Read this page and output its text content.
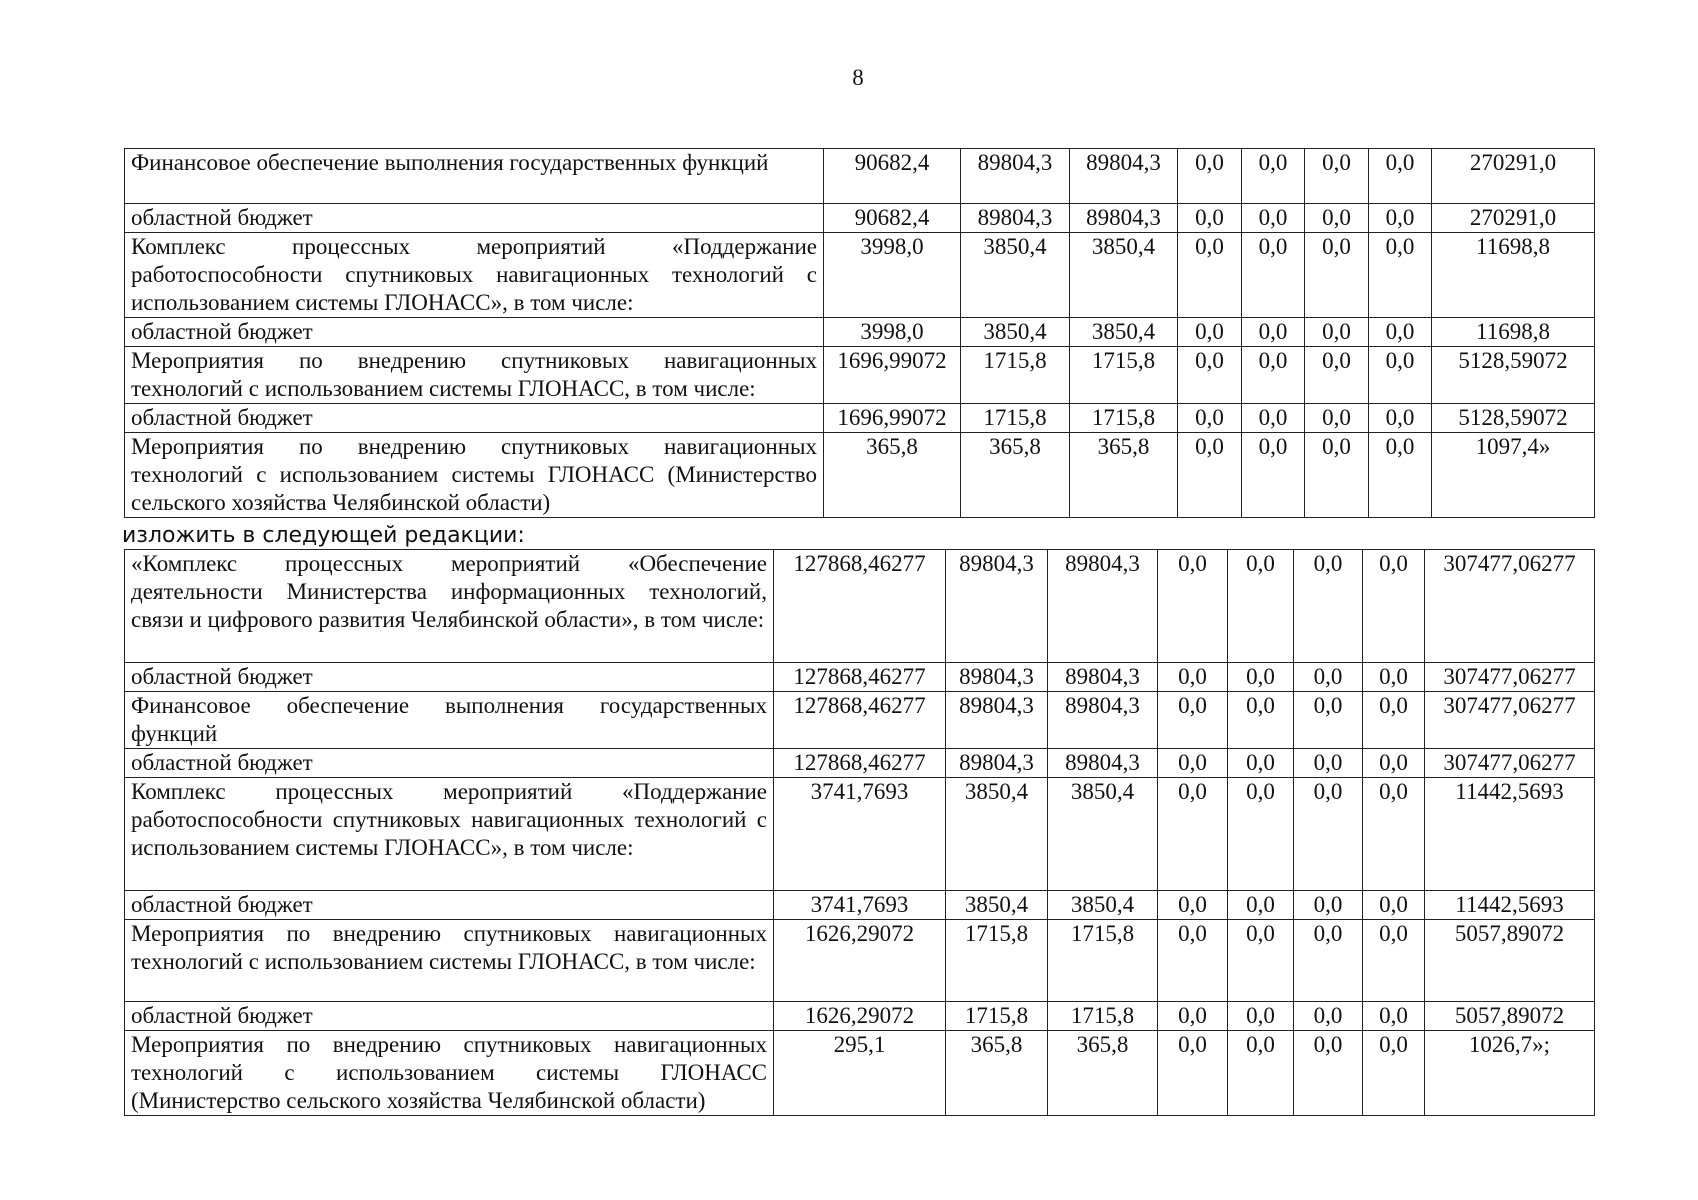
8
Финансовое обеспечение выполнения государственных функций	90682,4	89804,3	89804,3	0,0	0,0	0,0	0,0	270291,0
областной бюджет	90682,4	89804,3	89804,3	0,0	0,0	0,0	0,0	270291,0
Комплекс процессных мероприятий «Поддержание работоспособности спутниковых навигационных технологий с использованием системы ГЛОНАСС», в том числе:	3998,0	3850,4	3850,4	0,0	0,0	0,0	0,0	11698,8
областной бюджет	3998,0	3850,4	3850,4	0,0	0,0	0,0	0,0	11698,8
Мероприятия по внедрению спутниковых навигационных технологий с использованием системы ГЛОНАСС, в том числе:	1696,99072	1715,8	1715,8	0,0	0,0	0,0	0,0	5128,59072
областной бюджет	1696,99072	1715,8	1715,8	0,0	0,0	0,0	0,0	5128,59072
Мероприятия по внедрению спутниковых навигационных технологий с использованием системы ГЛОНАСС (Министерство сельского хозяйства Челябинской области)	365,8	365,8	365,8	0,0	0,0	0,0	0,0	1097,4»
изложить в следующей редакции:
«Комплекс процессных мероприятий «Обеспечение деятельности Министерства информационных технологий, связи и цифрового развития Челябинской области», в том числе:	127868,46277	89804,3	89804,3	0,0	0,0	0,0	0,0	307477,06277
областной бюджет	127868,46277	89804,3	89804,3	0,0	0,0	0,0	0,0	307477,06277
Финансовое обеспечение выполнения государственных функций	127868,46277	89804,3	89804,3	0,0	0,0	0,0	0,0	307477,06277
областной бюджет	127868,46277	89804,3	89804,3	0,0	0,0	0,0	0,0	307477,06277
Комплекс процессных мероприятий «Поддержание работоспособности спутниковых навигационных технологий с использованием системы ГЛОНАСС», в том числе:	3741,7693	3850,4	3850,4	0,0	0,0	0,0	0,0	11442,5693
областной бюджет	3741,7693	3850,4	3850,4	0,0	0,0	0,0	0,0	11442,5693
Мероприятия по внедрению спутниковых навигационных технологий с использованием системы ГЛОНАСС, в том числе:	1626,29072	1715,8	1715,8	0,0	0,0	0,0	0,0	5057,89072
областной бюджет	1626,29072	1715,8	1715,8	0,0	0,0	0,0	0,0	5057,89072
Мероприятия по внедрению спутниковых навигационных технологий с использованием системы ГЛОНАСС (Министерство сельского хозяйства Челябинской области)	295,1	365,8	365,8	0,0	0,0	0,0	0,0	1026,7»;
